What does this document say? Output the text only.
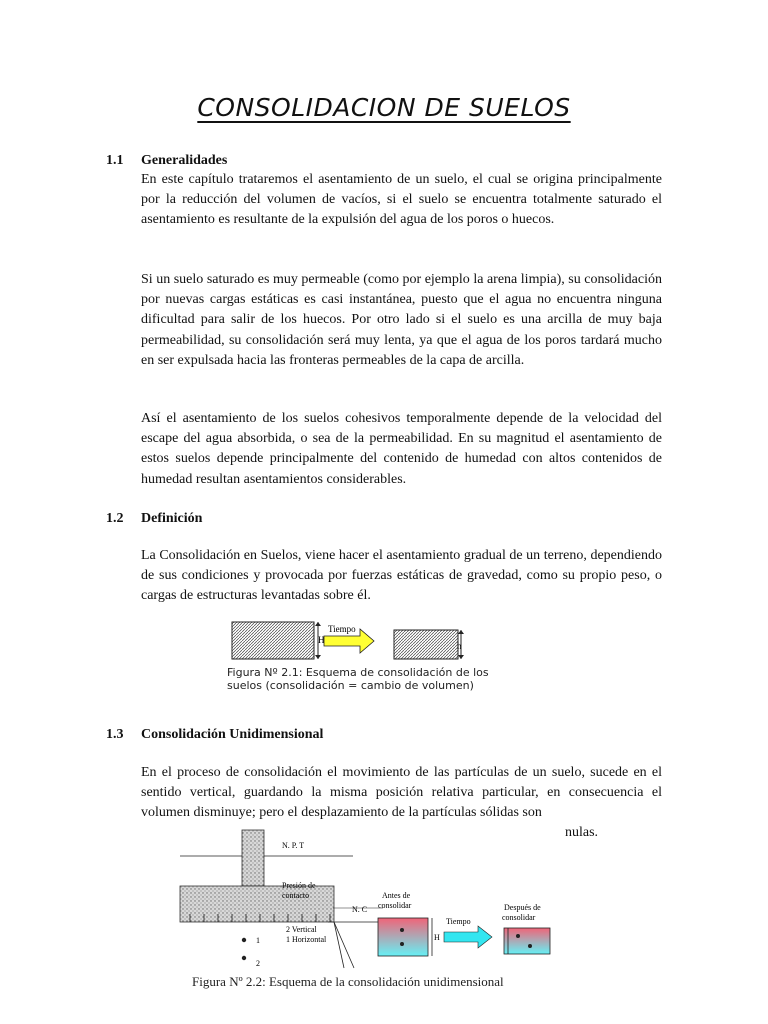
CONSOLIDACION DE SUELOS
1.1 Generalidades
En este capítulo trataremos el asentamiento de un suelo, el cual se origina principalmente por la reducción del volumen de vacíos, si el suelo se encuentra totalmente saturado el asentamiento es resultante de la expulsión del agua de los poros o huecos.
Si un suelo saturado es muy permeable (como por ejemplo la arena limpia), su consolidación por nuevas cargas estáticas es casi instantánea, puesto que el agua no encuentra ninguna dificultad para salir de los huecos. Por otro lado si el suelo es una arcilla de muy baja permeabilidad, su consolidación será muy lenta, ya que el agua de los poros tardará mucho en ser expulsada hacia las fronteras permeables de la capa de arcilla.
Así el asentamiento de los suelos cohesivos temporalmente depende de la velocidad del escape del agua absorbida, o sea de la permeabilidad. En su magnitud el asentamiento de estos suelos depende principalmente del contenido de humedad con altos contenidos de humedad resultan asentamientos considerables.
1.2 Definición
La Consolidación en Suelos, viene hacer el asentamiento gradual de un terreno, dependiendo de sus condiciones y provocada por fuerzas estáticas de gravedad, como su propio peso, o cargas de estructuras levantadas sobre él.
H
Tiempo
h
Figura Nº 2.1: Esquema de consolidación de los
suelos (consolidación = cambio de volumen)
1.3 Consolidación Unidimensional
En el proceso de consolidación el movimiento de las partículas de un suelo, sucede en el sentido vertical, guardando la misma posición relativa particular, en consecuencia el volumen disminuye; pero el desplazamiento de la partículas sólidas son
nulas.
N. P. T
Presión de
contacto
N. C
2 Vertical
1 Horizontal
1
2
Antes de
consolidar
H
Tiempo
Después de
consolidar
Figura Nº 2.2: Esquema de la consolidación unidimensional
